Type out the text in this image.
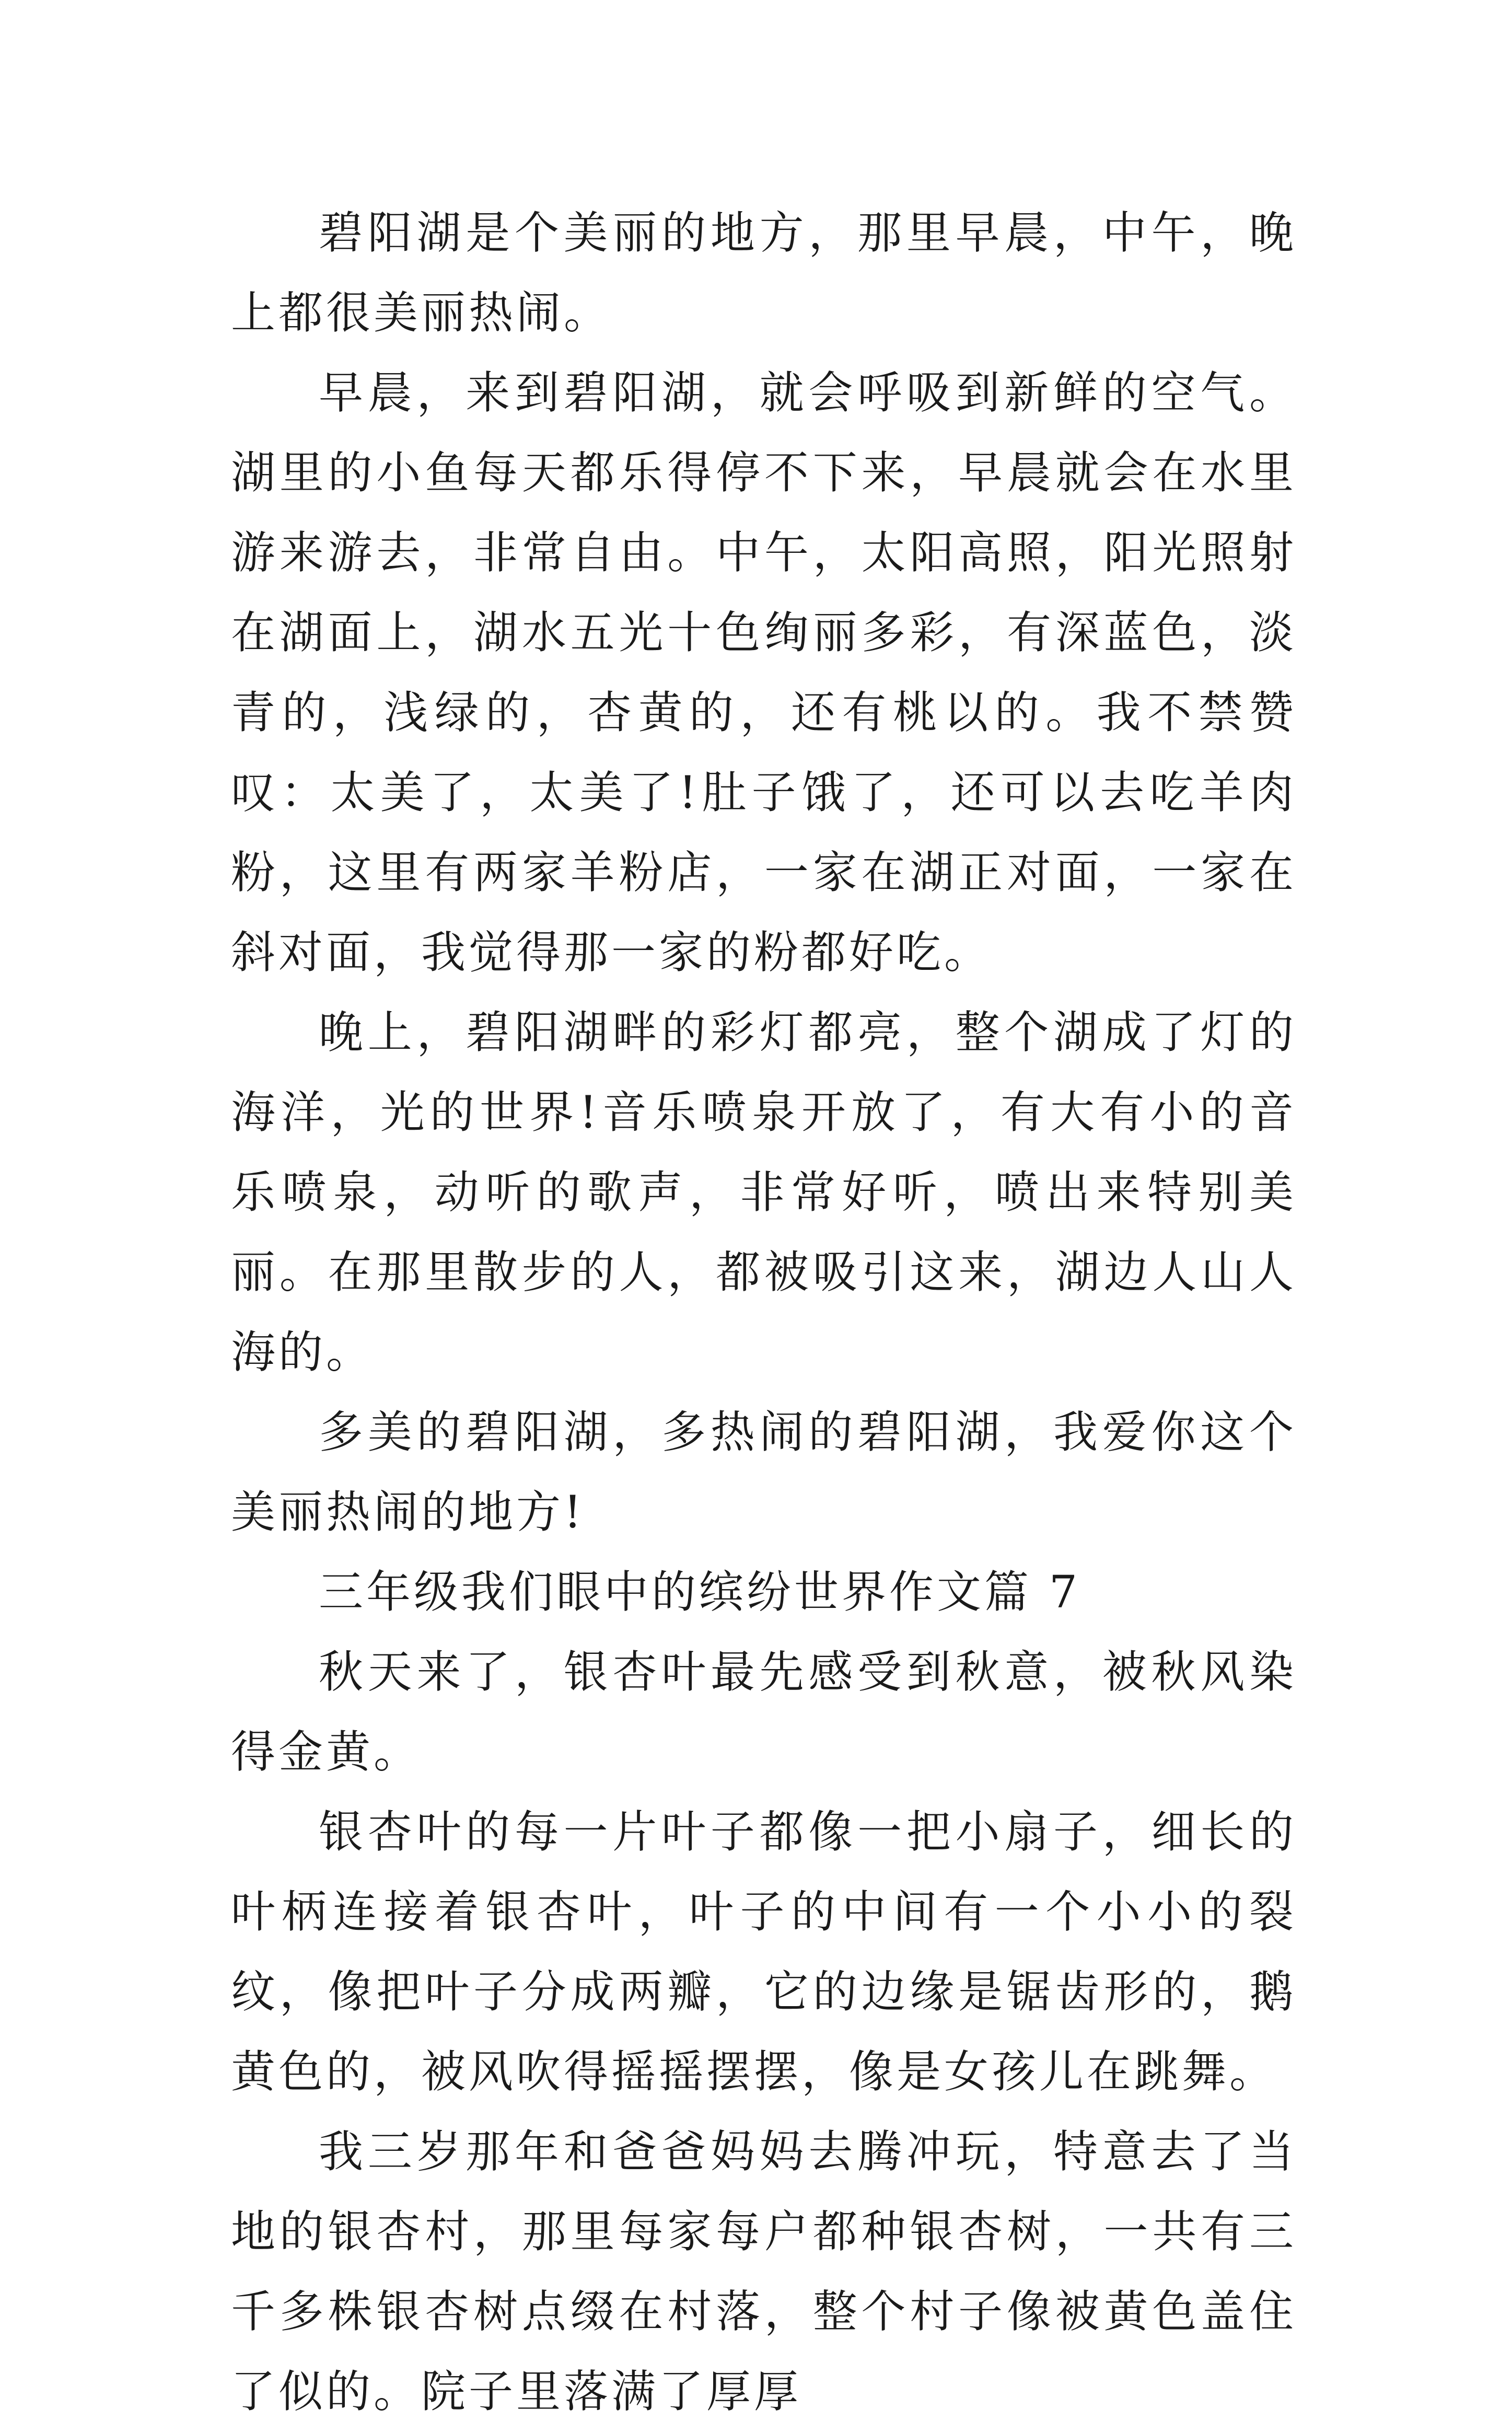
碧阳湖是个美丽的地方，那里早晨，中午，晚上都很美丽热闹。

早晨，来到碧阳湖，就会呼吸到新鲜的空气。湖里的小鱼每天都乐得停不下来，早晨就会在水里游来游去，非常自由。中午，太阳高照，阳光照射在湖面上，湖水五光十色绚丽多彩，有深蓝色，淡青的，浅绿的，杏黄的，还有桃以的。我不禁赞叹：太美了，太美了!肚子饿了，还可以去吃羊肉粉，这里有两家羊粉店，一家在湖正对面，一家在斜对面，我觉得那一家的粉都好吃。

晚上，碧阳湖畔的彩灯都亮，整个湖成了灯的海洋，光的世界!音乐喷泉开放了，有大有小的音乐喷泉，动听的歌声，非常好听，喷出来特别美丽。在那里散步的人，都被吸引这来，湖边人山人海的。

多美的碧阳湖，多热闹的碧阳湖，我爱你这个美丽热闹的地方!

三年级我们眼中的缤纷世界作文篇 7

秋天来了，银杏叶最先感受到秋意，被秋风染得金黄。

银杏叶的每一片叶子都像一把小扇子，细长的叶柄连接着银杏叶，叶子的中间有一个小小的裂纹，像把叶子分成两瓣，它的边缘是锯齿形的，鹅黄色的，被风吹得摇摇摆摆，像是女孩儿在跳舞。

我三岁那年和爸爸妈妈去腾冲玩，特意去了当地的银杏村，那里每家每户都种银杏树，一共有三千多株银杏树点缀在村落，整个村子像被黄色盖住了似的。院子里落满了厚厚
